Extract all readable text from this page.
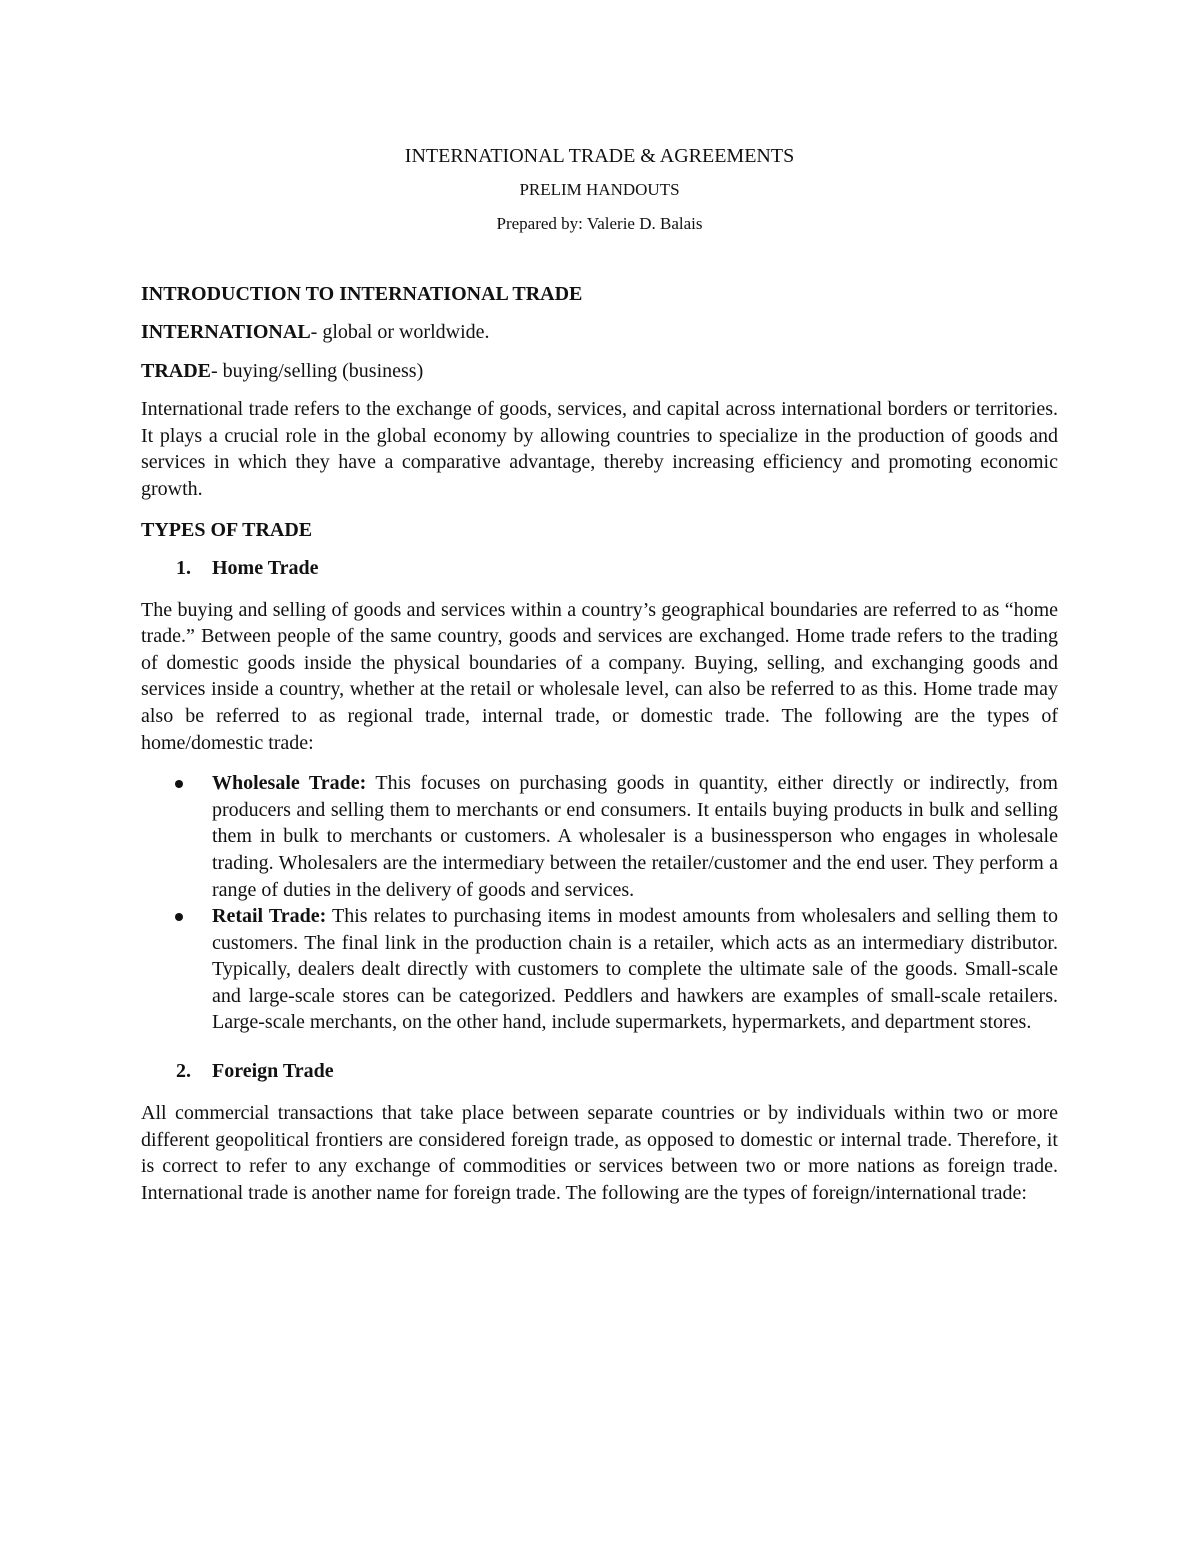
INTERNATIONAL TRADE & AGREEMENTS
PRELIM HANDOUTS
Prepared by: Valerie D. Balais
INTRODUCTION TO INTERNATIONAL TRADE

INTERNATIONAL- global or worldwide.

TRADE- buying/selling (business)

International trade refers to the exchange of goods, services, and capital across international borders or territories. It plays a crucial role in the global economy by allowing countries to specialize in the production of goods and services in which they have a comparative advantage, thereby increasing efficiency and promoting economic growth.

TYPES OF TRADE
1. Home Trade

The buying and selling of goods and services within a country’s geographical boundaries are referred to as “home trade.” Between people of the same country, goods and services are exchanged. Home trade refers to the trading of domestic goods inside the physical boundaries of a company. Buying, selling, and exchanging goods and services inside a country, whether at the retail or wholesale level, can also be referred to as this. Home trade may also be referred to as regional trade, internal trade, or domestic trade. The following are the types of home/domestic trade:

Wholesale Trade: This focuses on purchasing goods in quantity, either directly or indirectly, from producers and selling them to merchants or end consumers. It entails buying products in bulk and selling them in bulk to merchants or customers. A wholesaler is a businessperson who engages in wholesale trading. Wholesalers are the intermediary between the retailer/customer and the end user. They perform a range of duties in the delivery of goods and services.
Retail Trade: This relates to purchasing items in modest amounts from wholesalers and selling them to customers. The final link in the production chain is a retailer, which acts as an intermediary distributor. Typically, dealers dealt directly with customers to complete the ultimate sale of the goods. Small-scale and large-scale stores can be categorized. Peddlers and hawkers are examples of small-scale retailers. Large-scale merchants, on the other hand, include supermarkets, hypermarkets, and department stores.
2. Foreign Trade

All commercial transactions that take place between separate countries or by individuals within two or more different geopolitical frontiers are considered foreign trade, as opposed to domestic or internal trade. Therefore, it is correct to refer to any exchange of commodities or services between two or more nations as foreign trade. International trade is another name for foreign trade. The following are the types of foreign/international trade:
